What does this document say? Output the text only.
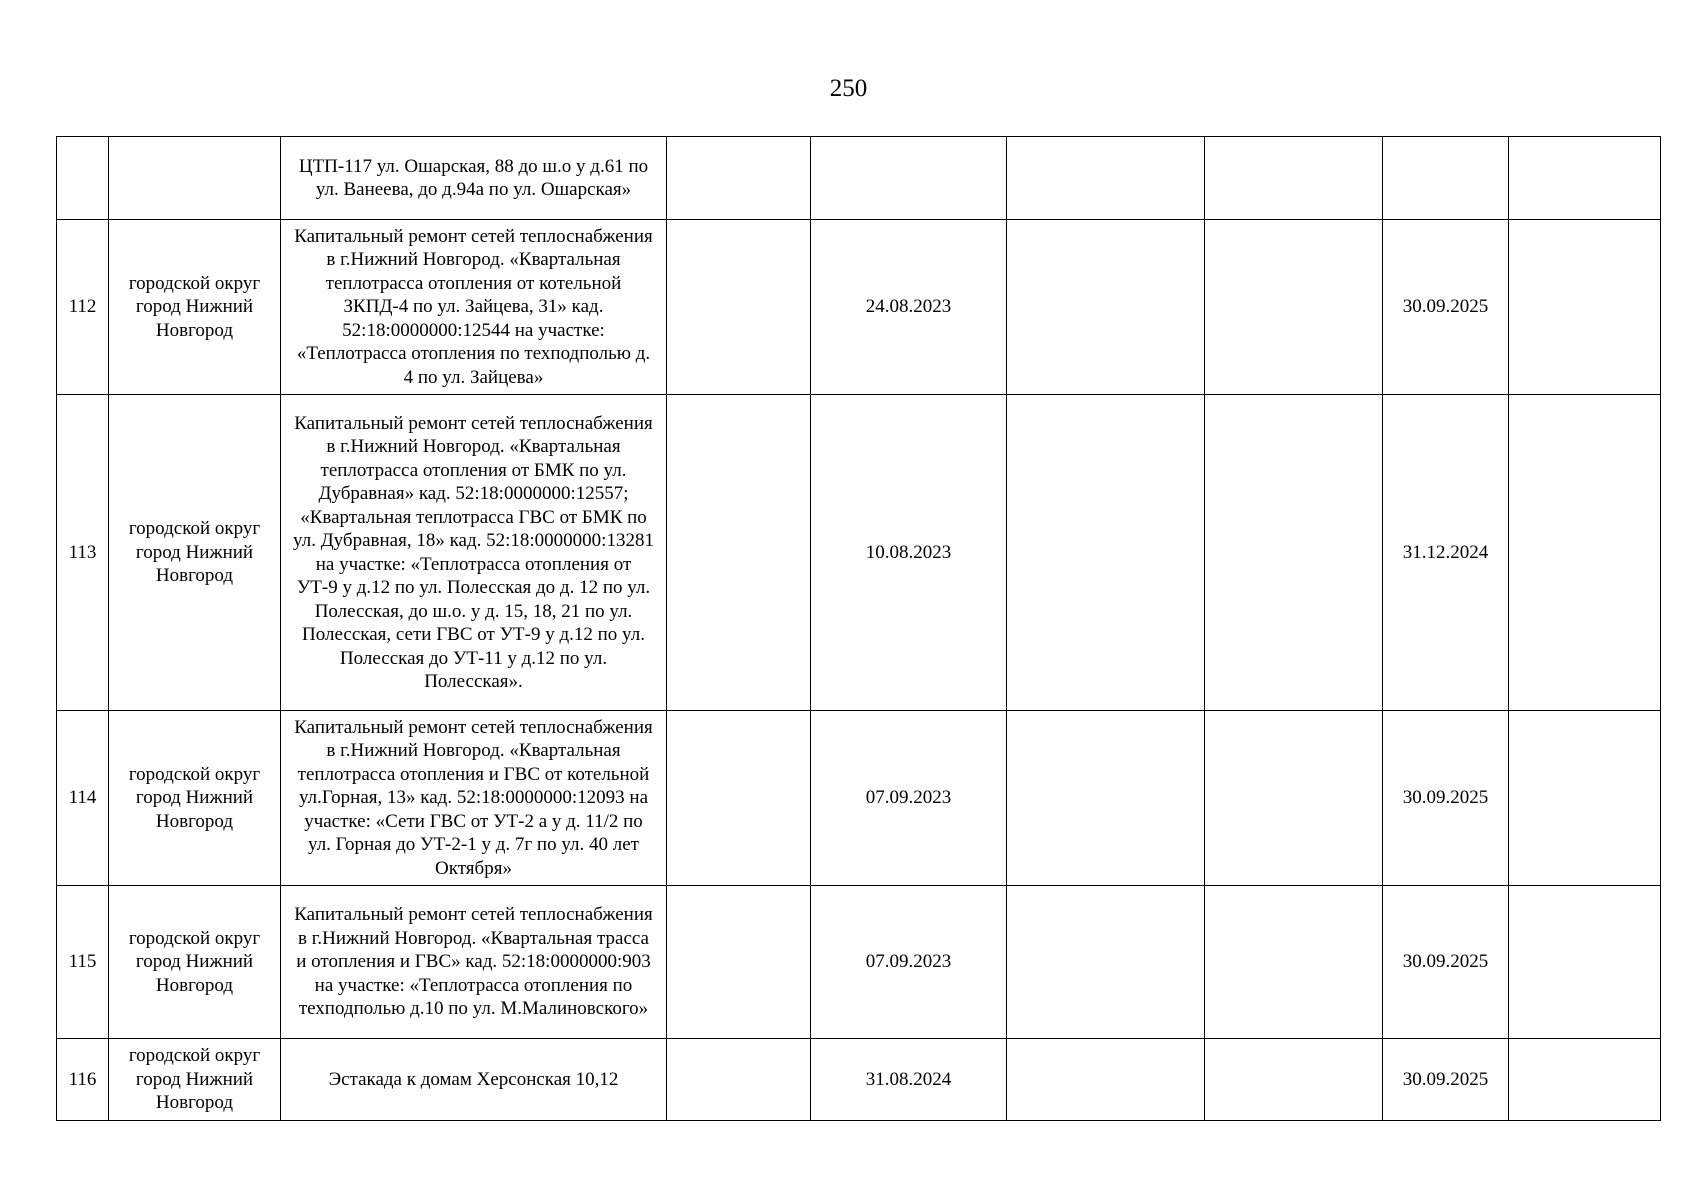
250
		ЦТП-117 ул. Ошарская, 88 до ш.о у д.61 по ул. Ванеева, до д.94а по ул. Ошарская»						
112	городской округ город Нижний Новгород	Капитальный ремонт сетей теплоснабжения в г.Нижний Новгород. «Квартальная теплотрасса отопления от котельной ЗКПД-4 по ул. Зайцева, 31» кад. 52:18:0000000:12544 на участке: «Теплотрасса отопления по техподполью д. 4 по ул. Зайцева»		24.08.2023			30.09.2025	
113	городской округ город Нижний Новгород	Капитальный ремонт сетей теплоснабжения в г.Нижний Новгород. «Квартальная теплотрасса отопления от БМК по ул. Дубравная» кад. 52:18:0000000:12557; «Квартальная теплотрасса ГВС от БМК по ул. Дубравная, 18» кад. 52:18:0000000:13281 на участке: «Теплотрасса отопления от УТ-9 у д.12 по ул. Полесская до д. 12 по ул. Полесская, до ш.о. у д. 15, 18, 21 по ул. Полесская, сети ГВС от УТ-9 у д.12 по ул. Полесская до УТ-11 у д.12 по ул. Полесская».		10.08.2023			31.12.2024	
114	городской округ город Нижний Новгород	Капитальный ремонт сетей теплоснабжения в г.Нижний Новгород. «Квартальная теплотрасса отопления и ГВС от котельной ул.Горная, 13» кад. 52:18:0000000:12093 на участке: «Сети ГВС от УТ-2 а у д. 11/2 по ул. Горная до УТ-2-1 у д. 7г по ул. 40 лет Октября»		07.09.2023			30.09.2025	
115	городской округ город Нижний Новгород	Капитальный ремонт сетей теплоснабжения в г.Нижний Новгород. «Квартальная трасса и отопления и ГВС» кад. 52:18:0000000:903 на участке: «Теплотрасса отопления по техподполью д.10 по ул. М.Малиновского»		07.09.2023			30.09.2025	
116	городской округ город Нижний Новгород	Эстакада к домам Херсонская 10,12		31.08.2024			30.09.2025	
